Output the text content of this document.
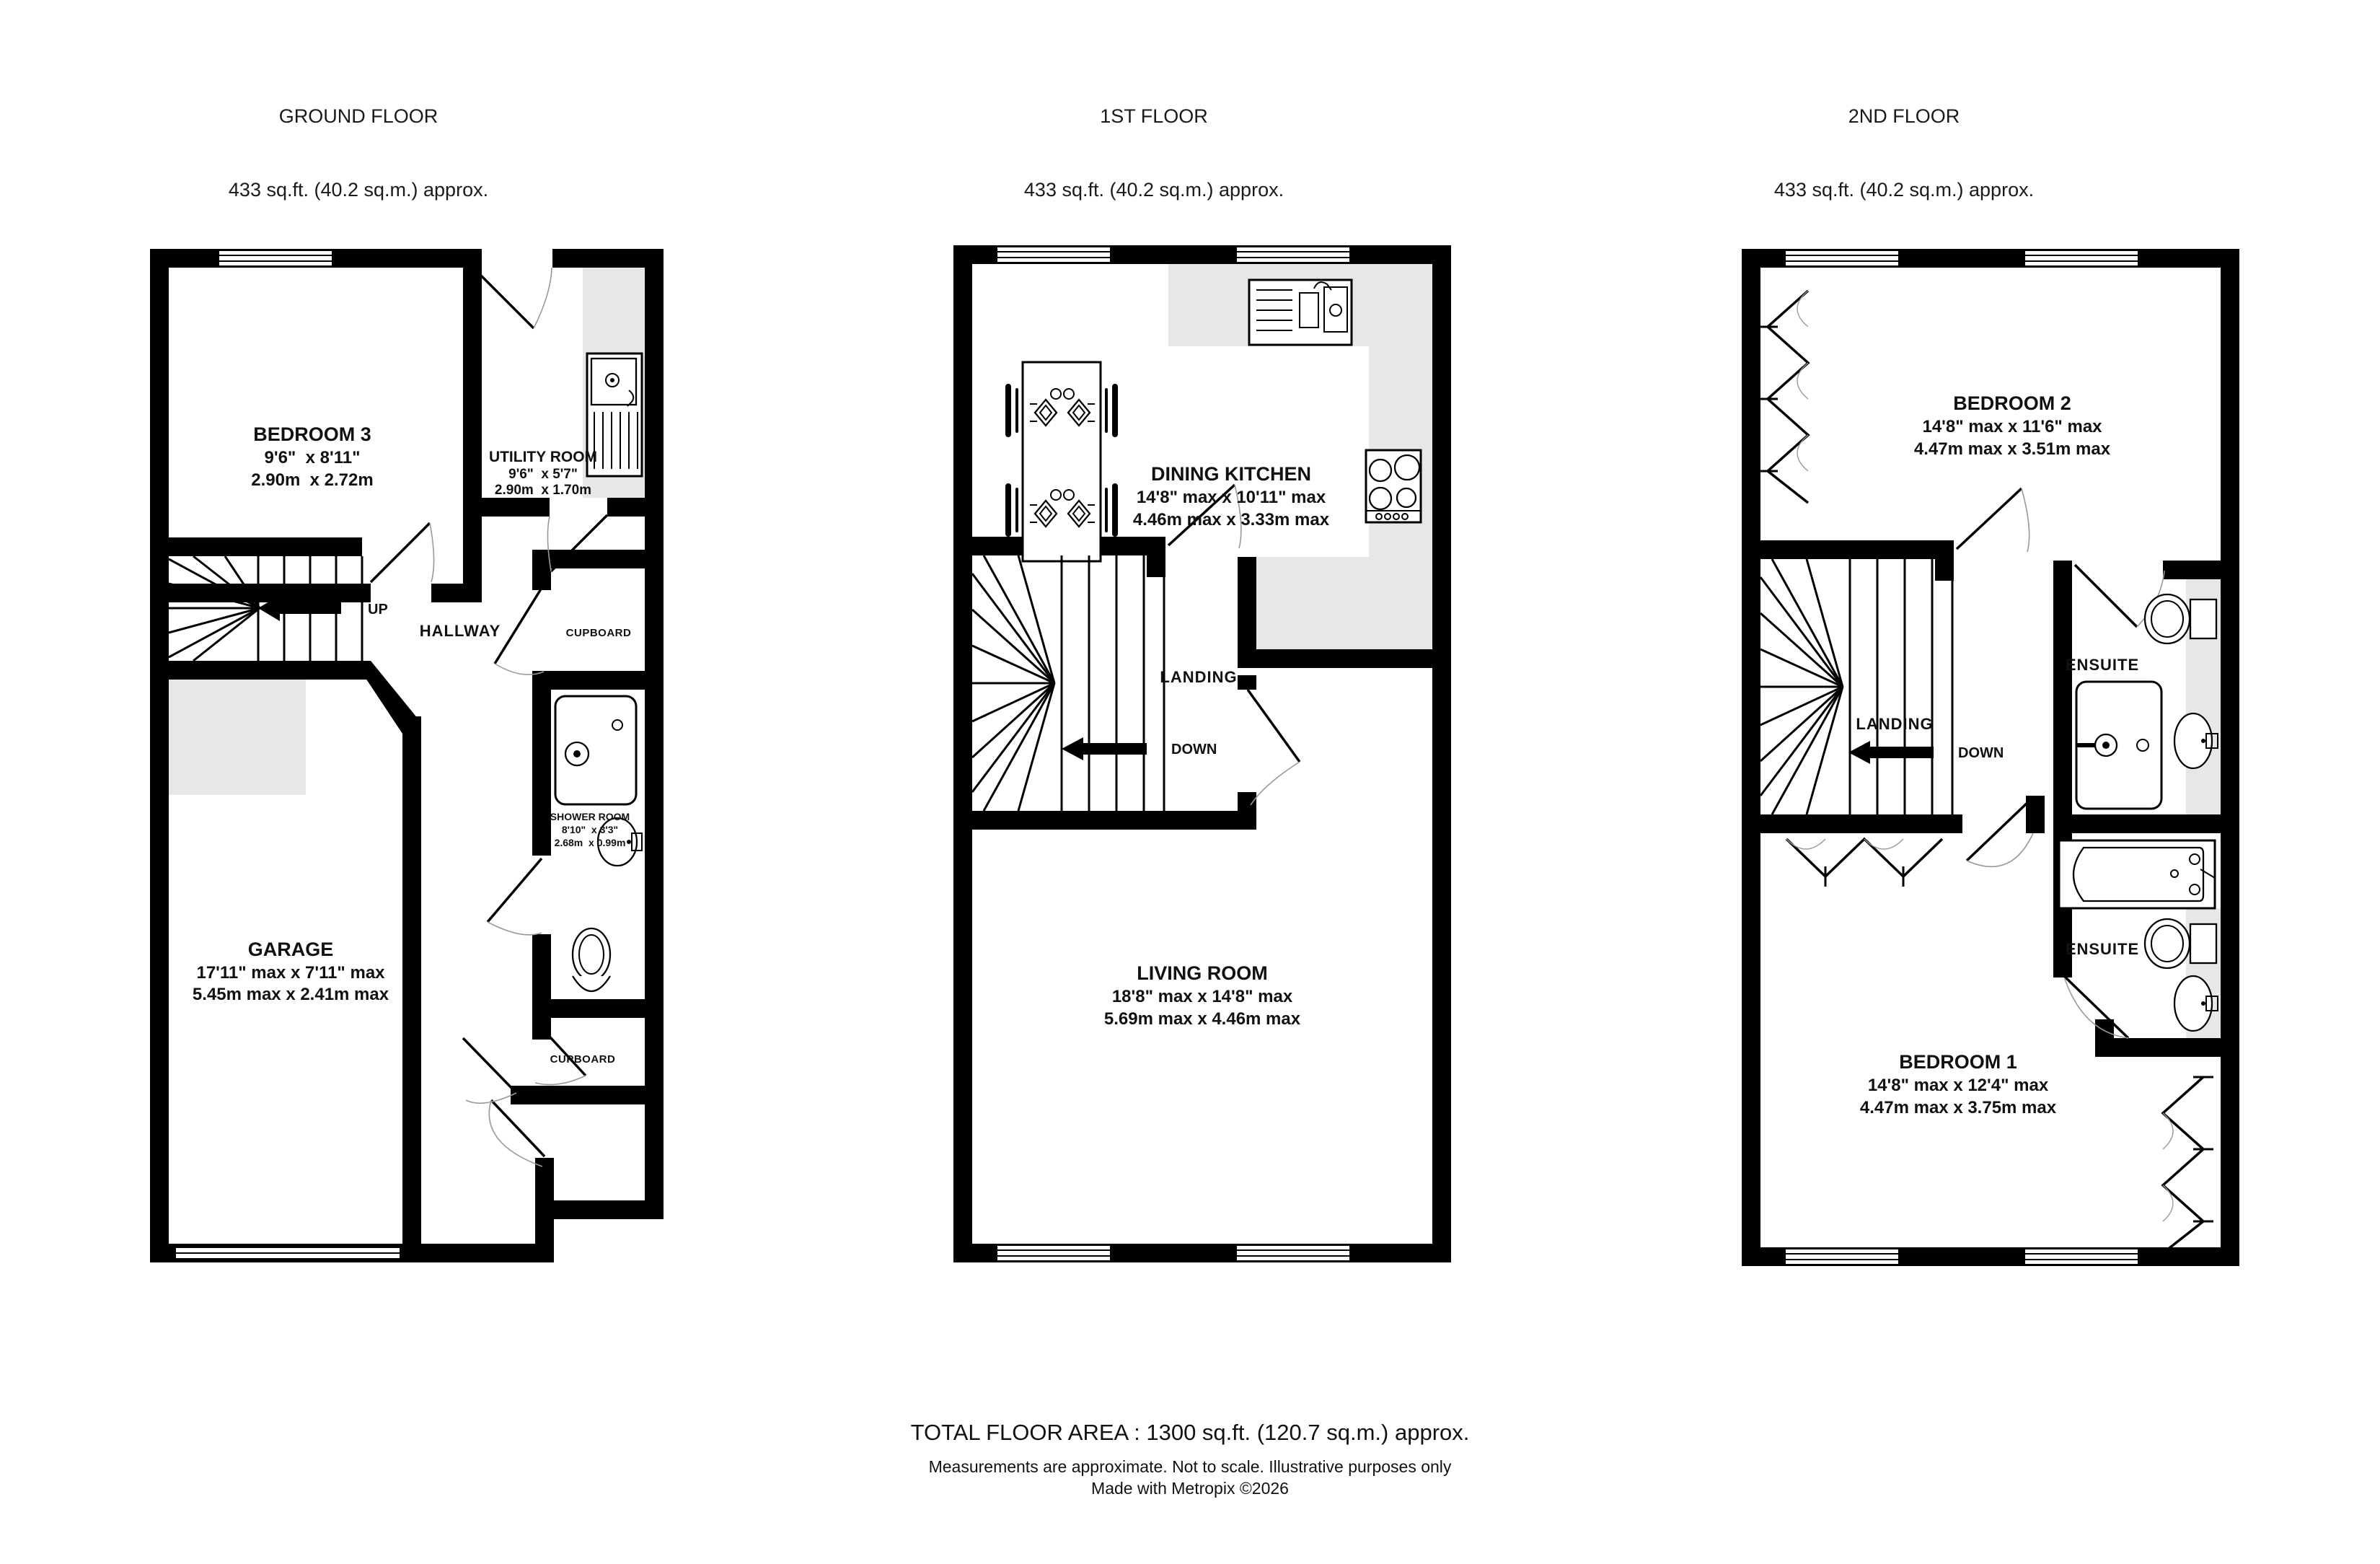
GROUND FLOOR

433 sq.ft. (40.2 sq.m.) approx.

1ST FLOOR

433 sq.ft. (40.2 sq.m.) approx.

2ND FLOOR

433 sq.ft. (40.2 sq.m.) approx.

BEDROOM 3
9'6"  x 8'11"
2.90m  x 2.72m
UTILITY ROOM
9'6"  x 5'7"
2.90m  x 1.70m
UP
HALLWAY	CUPBOARD
SHOWER ROOM
8'10"  x 3'3"
2.68m  x 0.99m
GARAGE
17'11" max x 7'11" max
5.45m max x 2.41m max
CUPBOARD
DINING KITCHEN
14'8" max x 10'11" max
4.46m max x 3.33m max
LANDING
DOWN
LIVING ROOM
18'8" max x 14'8" max
5.69m max x 4.46m max
BEDROOM 2
14'8" max x 11'6" max
4.47m max x 3.51m max
LANDING
DOWN
ENSUITE
ENSUITE
BEDROOM 1
14'8" max x 12'4" max
4.47m max x 3.75m max
TOTAL FLOOR AREA : 1300 sq.ft. (120.7 sq.m.) approx.
Measurements are approximate. Not to scale. Illustrative purposes only
Made with Metropix ©2026
